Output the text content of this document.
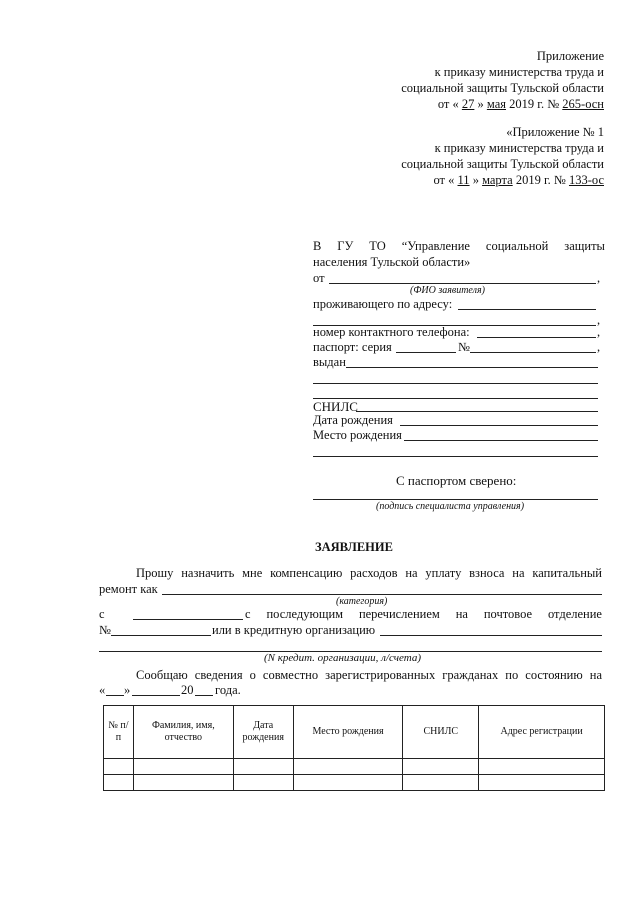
Приложение
к приказу министерства труда и
социальной защиты Тульской области
от « 27 » мая 2019 г. № 265-осн
«Приложение № 1
к приказу министерства труда и
социальной защиты Тульской области
от « 11 » марта 2019 г. № 133-ос
В ГУ ТО “Управление социальной защиты
населения Тульской области»
от	,
(ФИО заявителя)
проживающего по адресу:
,
номер контактного телефона:	,
паспорт: серия	№	,
выдан
СНИЛС
Дата рождения
Место рождения
С паспортом сверено:
(подпись специалиста управления)
ЗАЯВЛЕНИЕ
Прошу назначить мне компенсацию расходов на уплату взноса на капитальный
ремонт как
(категория)
с	с последующим перечислением на почтовое отделение
№	или в кредитную организацию
(N кредит. организации, л/счета)
Сообщаю сведения о совместно зарегистрированных гражданах по состоянию на
« »	20 года.
№ п/п	Фамилия, имя, отчество	Дата рождения	Место рождения	СНИЛС	Адрес регистрации
